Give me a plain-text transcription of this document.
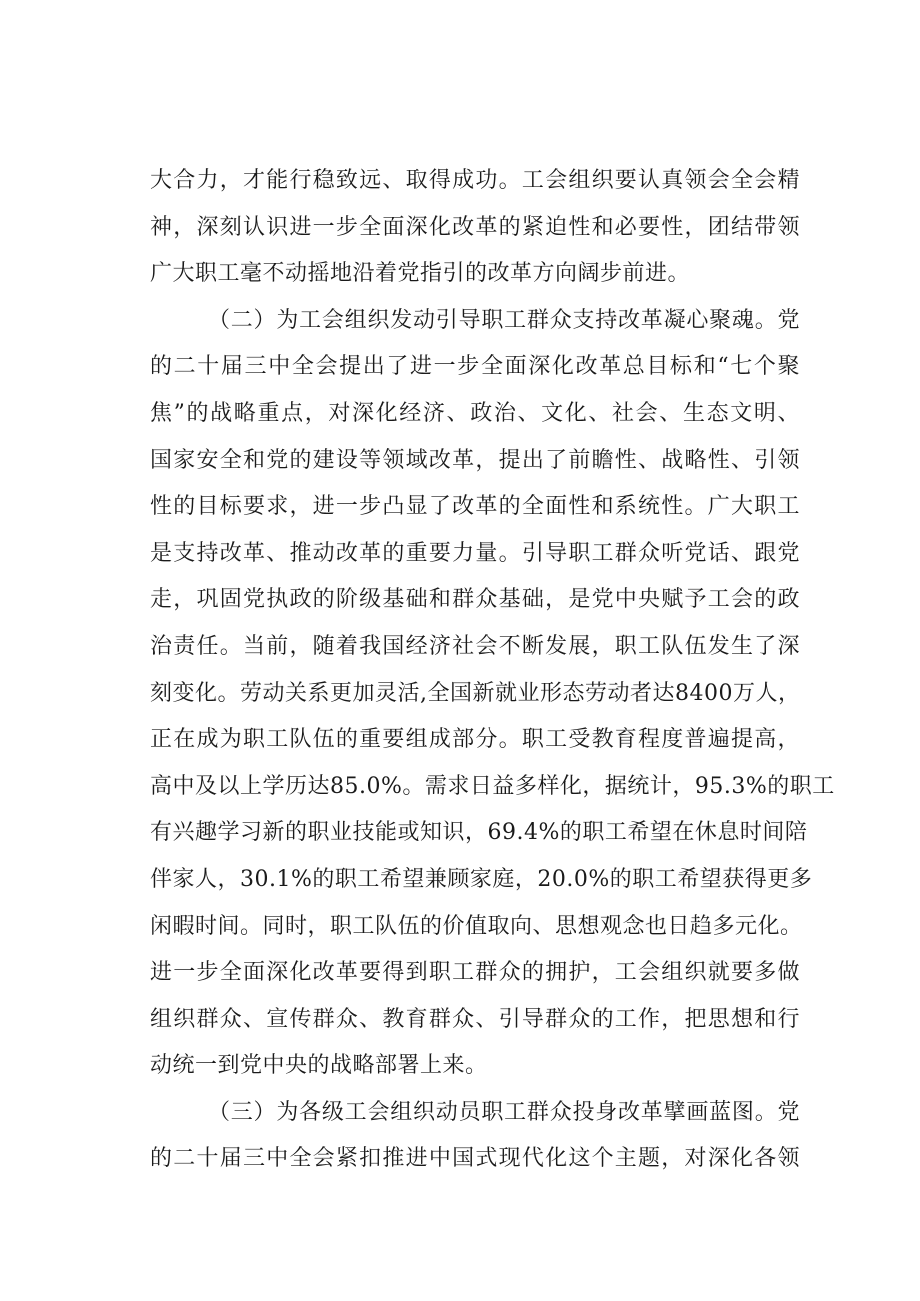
大合力，才能行稳致远、取得成功。工会组织要认真领会全会精
神，深刻认识进一步全面深化改革的紧迫性和必要性，团结带领
广大职工毫不动摇地沿着党指引的改革方向阔步前进。
（二）为工会组织发动引导职工群众支持改革凝心聚魂。党
的二十届三中全会提出了进一步全面深化改革总目标和“七个聚
焦”的战略重点，对深化经济、政治、文化、社会、生态文明、
国家安全和党的建设等领域改革，提出了前瞻性、战略性、引领
性的目标要求，进一步凸显了改革的全面性和系统性。广大职工
是支持改革、推动改革的重要力量。引导职工群众听党话、跟党
走，巩固党执政的阶级基础和群众基础，是党中央赋予工会的政
治责任。当前，随着我国经济社会不断发展，职工队伍发生了深
刻变化。劳动关系更加灵活,全国新就业形态劳动者达8400万人，
正在成为职工队伍的重要组成部分。职工受教育程度普遍提高，
高中及以上学历达85.0%。需求日益多样化，据统计，95.3%的职工
有兴趣学习新的职业技能或知识，69.4%的职工希望在休息时间陪
伴家人，30.1%的职工希望兼顾家庭，20.0%的职工希望获得更多
闲暇时间。同时，职工队伍的价值取向、思想观念也日趋多元化。
进一步全面深化改革要得到职工群众的拥护，工会组织就要多做
组织群众、宣传群众、教育群众、引导群众的工作，把思想和行
动统一到党中央的战略部署上来。
（三）为各级工会组织动员职工群众投身改革擘画蓝图。党
的二十届三中全会紧扣推进中国式现代化这个主题，对深化各领
